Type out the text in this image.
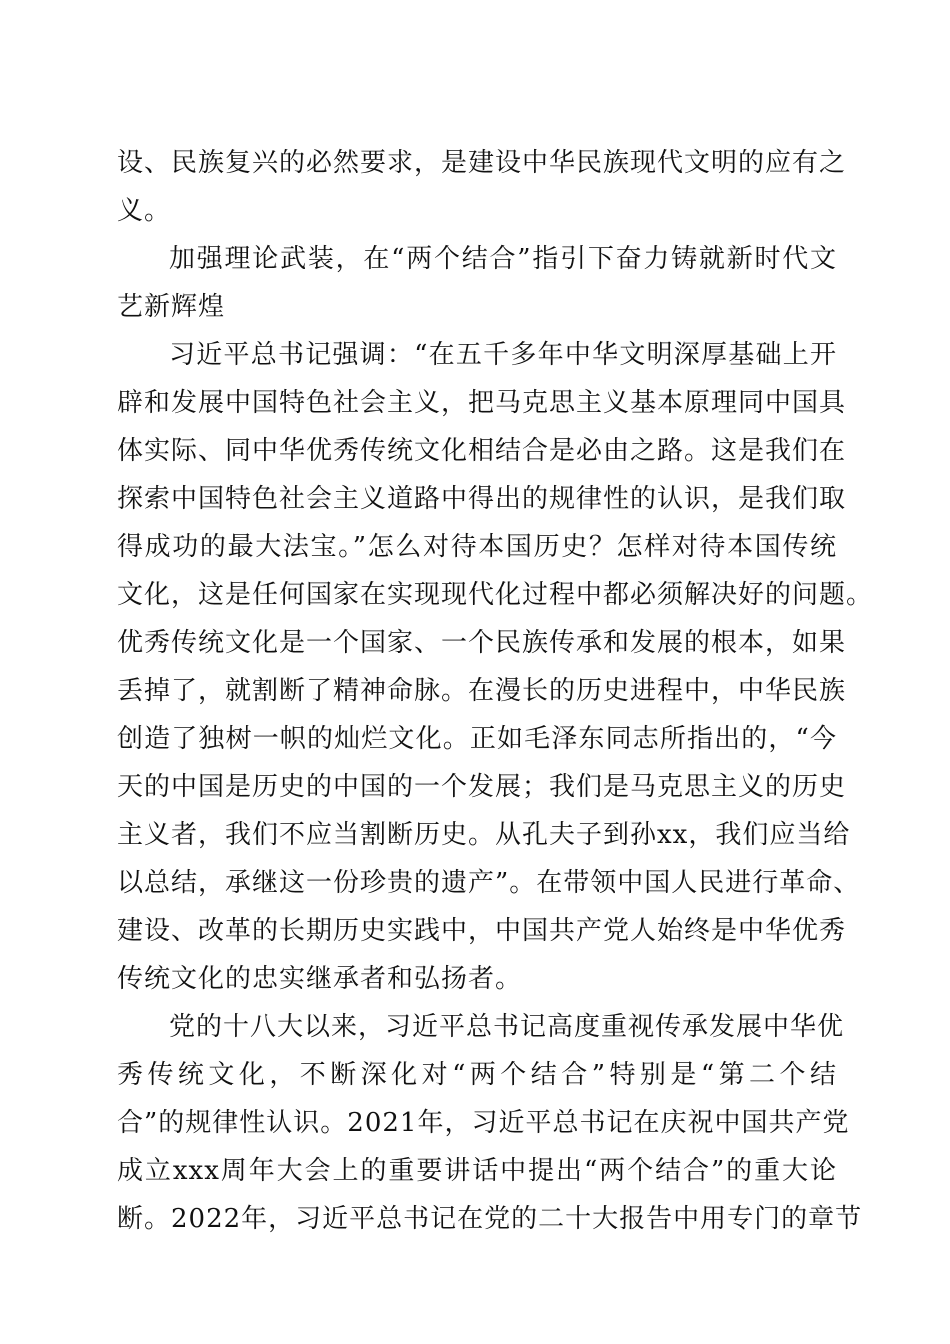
设、民族复兴的必然要求，是建设中华民族现代文明的应有之
义。
加强理论武装，在“两个结合”指引下奋力铸就新时代文
艺新辉煌
习近平总书记强调：“在五千多年中华文明深厚基础上开
辟和发展中国特色社会主义，把马克思主义基本原理同中国具
体实际、同中华优秀传统文化相结合是必由之路。这是我们在
探索中国特色社会主义道路中得出的规律性的认识，是我们取
得成功的最大法宝。”怎么对待本国历史？怎样对待本国传统
文化，这是任何国家在实现现代化过程中都必须解决好的问题。
优秀传统文化是一个国家、一个民族传承和发展的根本，如果
丢掉了，就割断了精神命脉。在漫长的历史进程中，中华民族
创造了独树一帜的灿烂文化。正如毛泽东同志所指出的，“今
天的中国是历史的中国的一个发展；我们是马克思主义的历史
主义者，我们不应当割断历史。从孔夫子到孙xx，我们应当给
以总结，承继这一份珍贵的遗产”。在带领中国人民进行革命、
建设、改革的长期历史实践中，中国共产党人始终是中华优秀
传统文化的忠实继承者和弘扬者。
党的十八大以来，习近平总书记高度重视传承发展中华优
秀传统文化，不断深化对“两个结合”特别是“第二个结
合”的规律性认识。2021年，习近平总书记在庆祝中国共产党
成立xxx周年大会上的重要讲话中提出“两个结合”的重大论
断。2022年，习近平总书记在党的二十大报告中用专门的章节
